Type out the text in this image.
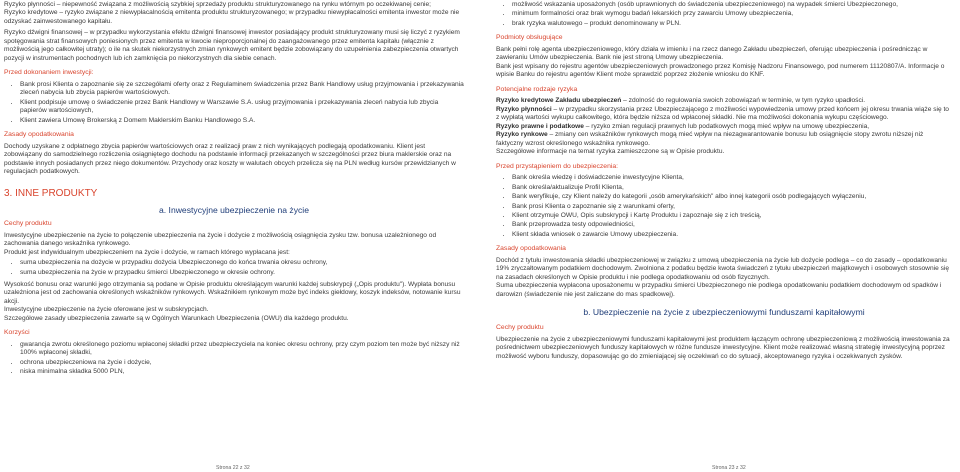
Ryzyko płynności – niepewność związana z możliwością szybkiej sprzedaży produktu strukturyzowanego na rynku wtórnym po oczekiwanej cenie;

Ryzyko kredytowe – ryzyko związane z niewypłacalnością emitenta produktu strukturyzowanego; w przypadku niewypłacalności emitenta inwestor może nie odzyskać zainwestowanego kapitału.

Ryzyko dźwigni finansowej – w przypadku wykorzystania efektu dźwigni finansowej inwestor posiadający produkt strukturyzowany musi się liczyć z ryzykiem spotęgowania strat finansowych poniesionych przez emitenta w kwocie nieproporcjonalnej do zaangażowanego przez emitenta kapitału (włącznie z możliwością jego całkowitej utraty); o ile na skutek niekorzystnych zmian rynkowych emitent będzie zobowiązany do uzupełnienia zabezpieczenia otwartych pozycji w instrumentach pochodnych lub ich zamknięcia po niekorzystnych dla siebie cenach.

Przed dokonaniem inwestycji:
• Bank prosi Klienta o zapoznanie się ze szczegółami oferty oraz z Regulaminem świadczenia przez Bank Handlowy usług przyjmowania i przekazywania zleceń nabycia lub zbycia papierów wartościowych.
• Klient podpisuje umowę o świadczenie przez Bank Handlowy w Warszawie S.A. usług przyjmowania i przekazywania zleceń nabycia lub zbycia papierów wartościowych,
• Klient zawiera Umowę Brokerską z Domem Maklerskim Banku Handlowego S.A.
Zasady opodatkowania

Dochody uzyskane z odpłatnego zbycia papierów wartościowych oraz z realizacji praw z nich wynikających podlegają opodatkowaniu. Klient jest zobowiązany do samodzielnego rozliczenia osiągniętego dochodu na podstawie informacji przekazanych w szczególności przez biura maklerskie oraz na podstawie innych posiadanych przez niego dokumentów. Przychody oraz koszty w walutach obcych przelicza się na PLN według kursów przewidzianych w regulacjach podatkowych.

3. INNE PRODUKTY
a. Inwestycyjne ubezpieczenie na życie
Cechy produktu

Inwestycyjne ubezpieczenie na życie to połączenie ubezpieczenia na życie i dożycie z możliwością osiągnięcia zysku tzw. bonusa uzależnionego od zachowania danego wskaźnika rynkowego.

Produkt jest indywidualnym ubezpieczeniem na życie i dożycie, w ramach którego wypłacana jest:

• suma ubezpieczenia na dożycie w przypadku dożycia Ubezpieczonego do końca trwania okresu ochrony,
• suma ubezpieczenia na życie w przypadku śmierci Ubezpieczonego w okresie ochrony.

Wysokość bonusu oraz warunki jego otrzymania są podane w Opisie produktu określającym warunki każdej subskrypcji („Opis produktu"). Wypłata bonusu uzależniona jest od zachowania określonych wskaźników rynkowych. Wskaźnikiem rynkowym może być indeks giełdowy, koszyk indeksów, notowanie kursu akcji.

Inwestycyjne ubezpieczenie na życie oferowane jest w subskrypcjach.

Szczegółowe zasady ubezpieczenia zawarte są w Ogólnych Warunkach Ubezpieczenia (OWU) dla każdego produktu.

Korzyści
• gwarancja zwrotu określonego poziomu wpłaconej składki przez ubezpieczyciela na koniec okresu ochrony, przy czym poziom ten może być niższy niż 100% wpłaconej składki,
• ochrona ubezpieczeniowa na życie i dożycie,
• niska minimalna składka 5000 PLN,
Strona 22 z 32
• możliwość wskazania uposażonych (osób uprawnionych do świadczenia ubezpieczeniowego) na wypadek śmierci Ubezpieczonego,
• minimum formalności oraz brak wymogu badań lekarskich przy zawarciu Umowy ubezpieczenia,
• brak ryzyka walutowego – produkt denominowany w PLN.
Podmioty obsługujące

Bank pełni rolę agenta ubezpieczeniowego, który działa w imieniu i na rzecz danego Zakładu ubezpieczeń, oferując ubezpieczenia i pośrednicząc w zawieraniu Umów ubezpieczenia. Bank nie jest stroną Umowy ubezpieczenia.

Bank jest wpisany do rejestru agentów ubezpieczeniowych prowadzonego przez Komisję Nadzoru Finansowego, pod numerem 11120807/A. Informacje o wpisie Banku do rejestru agentów Klient może sprawdzić poprzez złożenie wniosku do KNF.

Potencjalne rodzaje ryzyka

Ryzyko kredytowe Zakładu ubezpieczeń – zdolność do regulowania swoich zobowiązań w terminie, w tym ryzyko upadłości.

Ryzyko płynności – w przypadku skorzystania przez Ubezpieczającego z możliwości wypowiedzenia umowy przed końcem jej okresu trwania wiąże się to z wypłatą wartości wykupu całkowitego, która będzie niższa od wpłaconej składki. Nie ma możliwości dokonania wykupu częściowego.

Ryzyko prawne i podatkowe – ryzyko zmian regulacji prawnych lub podatkowych mogą mieć wpływ na umowę ubezpieczenia,

Ryzyko rynkowe – zmiany cen wskaźników rynkowych mogą mieć wpływ na niezagwarantowanie bonusu lub osiągnięcie stopy zwrotu niższej niż faktyczny wzrost określonego wskaźnika rynkowego.

Szczegółowe informacje na temat ryzyka zamieszczone są w Opisie produktu.

Przed przystąpieniem do ubezpieczenia:
• Bank określa wiedzę i doświadczenie inwestycyjne Klienta,
• Bank określa/aktualizuje Profil Klienta,
• Bank weryfikuje, czy Klient należy do kategorii „osób amerykańskich" albo innej kategorii osób podlegających wyłączeniu,
• Bank prosi Klienta o zapoznanie się z warunkami oferty,
• Klient otrzymuje OWU, Opis subskrypcji i Kartę Produktu i zapoznaje się z ich treścią,
• Bank przeprowadza testy odpowiedniości,
• Klient składa wniosek o zawarcie Umowy ubezpieczenia.
Zasady opodatkowania

Dochód z tytułu inwestowania składki ubezpieczeniowej w związku z umową ubezpieczenia na życie lub dożycie podlega – co do zasady – opodatkowaniu 19% zryczałtowanym podatkiem dochodowym. Zwolniona z podatku będzie kwota świadczeń z tytułu ubezpieczeń majątkowych i osobowych stosownie się na zasadach określonych w Opisie produktu i nie podlega opodatkowaniu od osób fizycznych.

Suma ubezpieczenia wypłacona uposażonemu w przypadku śmierci Ubezpieczonego nie podlega opodatkowaniu podatkiem dochodowym od spadków i darowizn (świadczenie nie jest zaliczane do mas spadkowej).

b. Ubezpieczenie na życie z ubezpieczeniowymi funduszami kapitałowymi
Cechy produktu

Ubezpieczenie na życie z ubezpieczeniowymi funduszami kapitałowymi jest produktem łączącym ochronę ubezpieczeniową z możliwością inwestowania za pośrednictwem ubezpieczeniowych funduszy kapitałowych w różne fundusze inwestycyjne. Klient może realizować własną strategię inwestycyjną poprzez możliwość wyboru funduszy, dopasowując go do zmieniającej się oczekiwań co do sytuacji, akceptowanego ryzyka i oczekiwanych zysków.

Strona 23 z 32
